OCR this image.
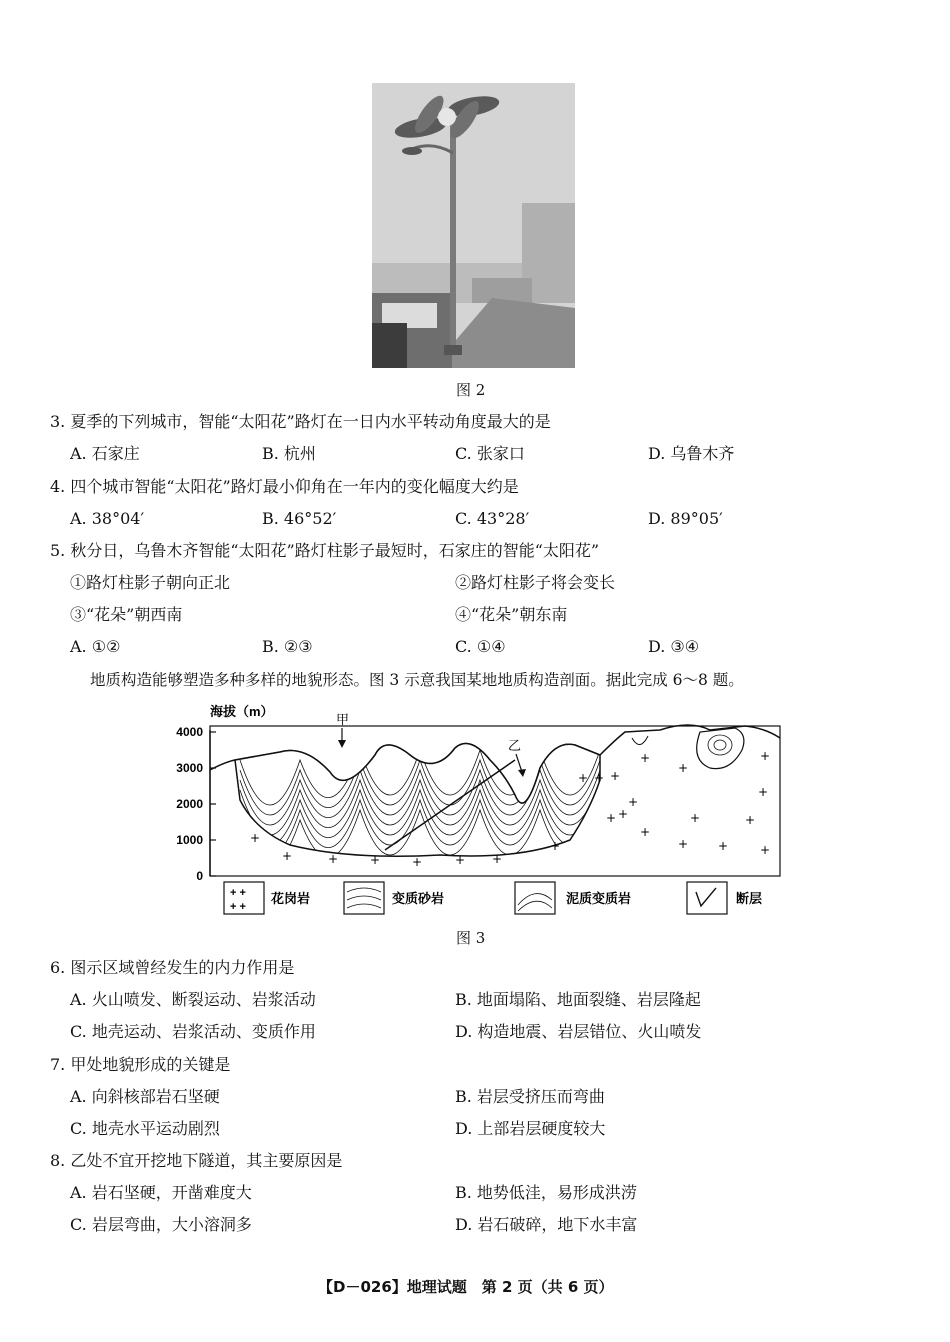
图 2
3. 夏季的下列城市，智能“太阳花”路灯在一日内水平转动角度最大的是
A. 石家庄	B. 杭州	C. 张家口	D. 乌鲁木齐
4. 四个城市智能“太阳花”路灯最小仰角在一年内的变化幅度大约是
A. 38°04′	B. 46°52′	C. 43°28′	D. 89°05′
5. 秋分日，乌鲁木齐智能“太阳花”路灯柱影子最短时，石家庄的智能“太阳花”
①路灯柱影子朝向正北	②路灯柱影子将会变长
③“花朵”朝西南	④“花朵”朝东南
A. ①②	B. ②③	C. ①④	D. ③④
地质构造能够塑造多种多样的地貌形态。图 3 示意我国某地地质构造剖面。据此完成 6～8 题。
海拔（m）
4000
3000
2000
1000
0
+
+	+	+	+	+ +
+
+ + +
+ +
+
+
+
+
+
+
+
+
+
+
+
甲
乙
+ +
+ +
花岗岩	变质砂岩	泥质变质岩	断层
图 3
6. 图示区域曾经发生的内力作用是
A. 火山喷发、断裂运动、岩浆活动	B. 地面塌陷、地面裂缝、岩层隆起
C. 地壳运动、岩浆活动、变质作用	D. 构造地震、岩层错位、火山喷发
7. 甲处地貌形成的关键是
A. 向斜核部岩石坚硬	B. 岩层受挤压而弯曲
C. 地壳水平运动剧烈	D. 上部岩层硬度较大
8. 乙处不宜开挖地下隧道，其主要原因是
A. 岩石坚硬，开凿难度大	B. 地势低洼，易形成洪涝
C. 岩层弯曲，大小溶洞多	D. 岩石破碎，地下水丰富
【D－026】地理试题　第 2 页（共 6 页）
